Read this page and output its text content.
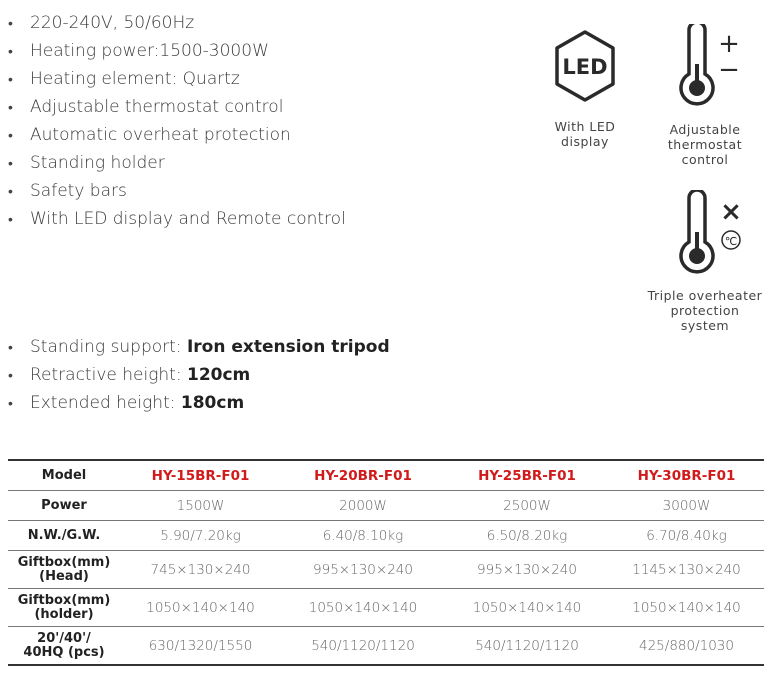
• 220-240V, 50/60Hz
• Heating power:1500-3000W
• Heating element: Quartz
• Adjustable thermostat control
• Automatic overheat protection
• Standing holder
• Safety bars
• With LED display and Remote control
LED
With LED
display
+
−
Adjustable
thermostat
control
×
℃
Triple overheater
protection
system
• Standing support: Iron extension tripod
• Retractive height: 120cm
• Extended height: 180cm
Model	HY-15BR-F01	HY-20BR-F01	HY-25BR-F01	HY-30BR-F01
Power	1500W	2000W	2500W	3000W
N.W./G.W.	5.90/7.20kg	6.40/8.10kg	6.50/8.20kg	6.70/8.40kg

Giftbox(mm)
(Head)	745×130×240	995×130×240	995×130×240	1145×130×240

Giftbox(mm)
(holder)	1050×140×140	1050×140×140	1050×140×140	1050×140×140

20'/40'/
40HQ (pcs)	630/1320/1550	540/1120/1120	540/1120/1120	425/880/1030
